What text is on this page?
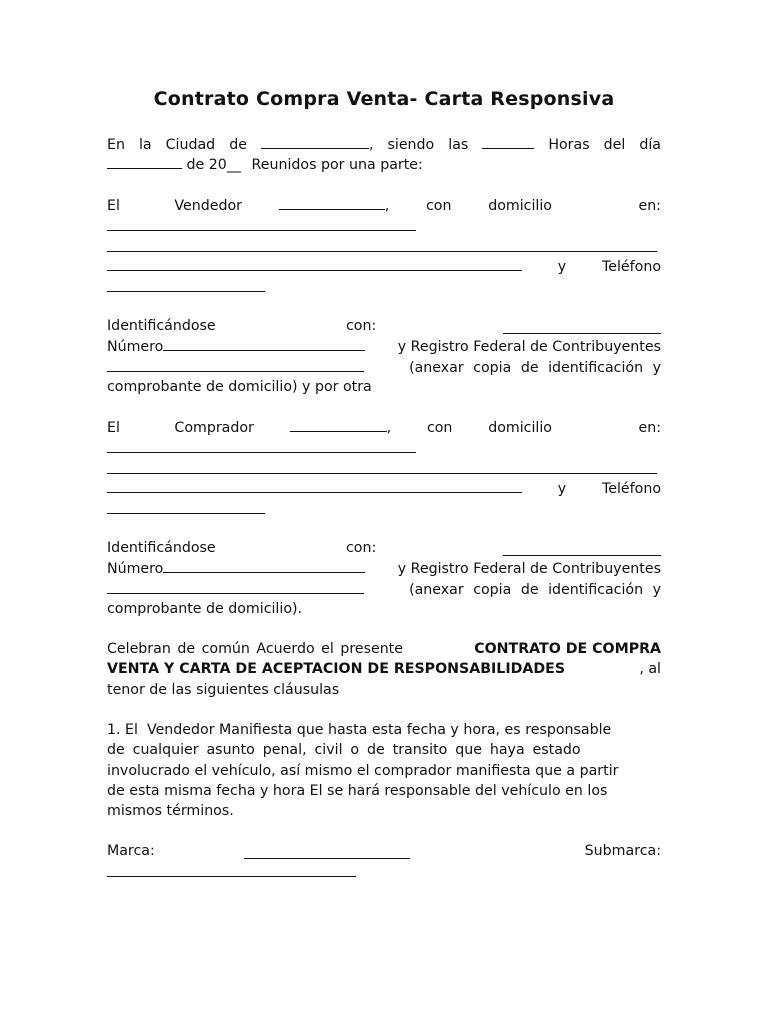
Contrato Compra Venta- Carta Responsiva
En la Ciudad de	, siendo las	Horas del día
de 20__ Reunidos por una parte:
El Vendedor	,	con	domicilio en:
y	Teléfono
Identificándose	con:
Número	y Registro Federal de Contribuyentes
(anexar copia de identificación y
comprobante de domicilio) y por otra
El Comprador	,	con	domicilio en:
y	Teléfono
Identificándose	con:
Número	y Registro Federal de Contribuyentes
(anexar copia de identificación y
comprobante de domicilio).
Celebran de común Acuerdo el presente	CONTRATO DE COMPRA
VENTA Y CARTA DE ACEPTACION DE RESPONSABILIDADES	, al
tenor de las siguientes cláusulas
1. El  Vendedor Manifiesta que hasta esta fecha y hora, es responsable
de cualquier asunto penal, civil o de transito que haya estado
involucrado el vehículo, así mismo el comprador manifiesta que a partir
de esta misma fecha y hora El se hará responsable del vehículo en los
mismos términos.
Marca:	Submarca:
